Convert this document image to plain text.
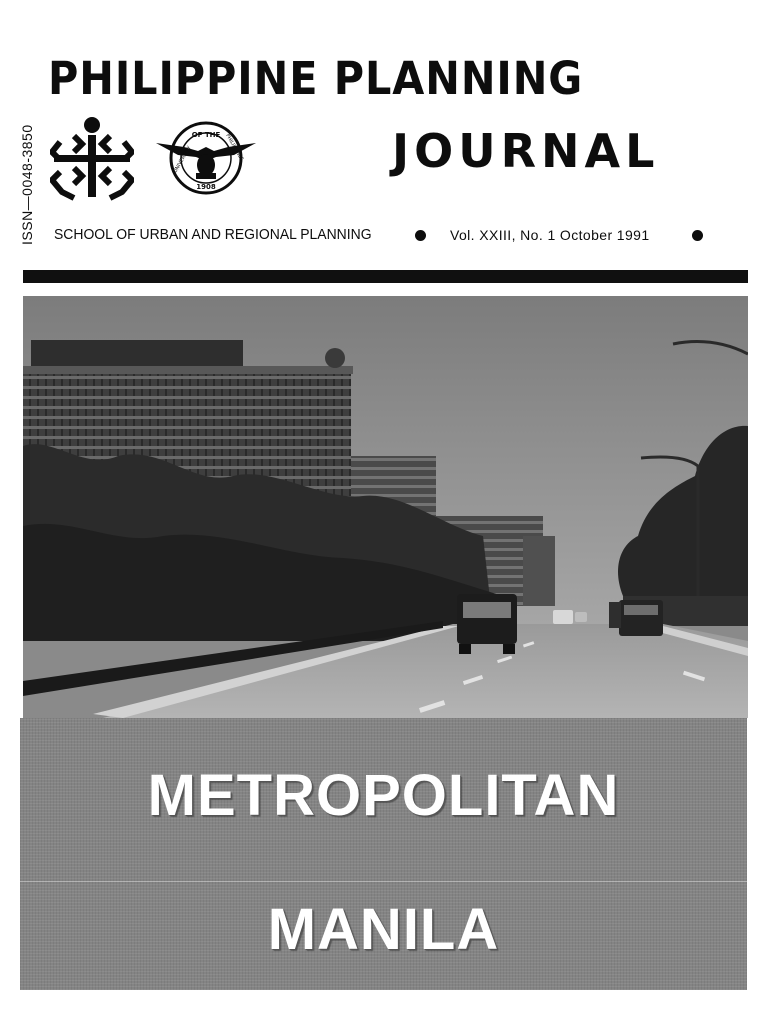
PHILIPPINE PLANNING
JOURNAL
ISSN—0048-3850	OF THE
1908
UNIVERSITY	PHILIPPINES
SCHOOL OF URBAN AND REGIONAL PLANNING	Vol. XXIII, No. 1 October 1991
METROPOLITAN
MANILA
